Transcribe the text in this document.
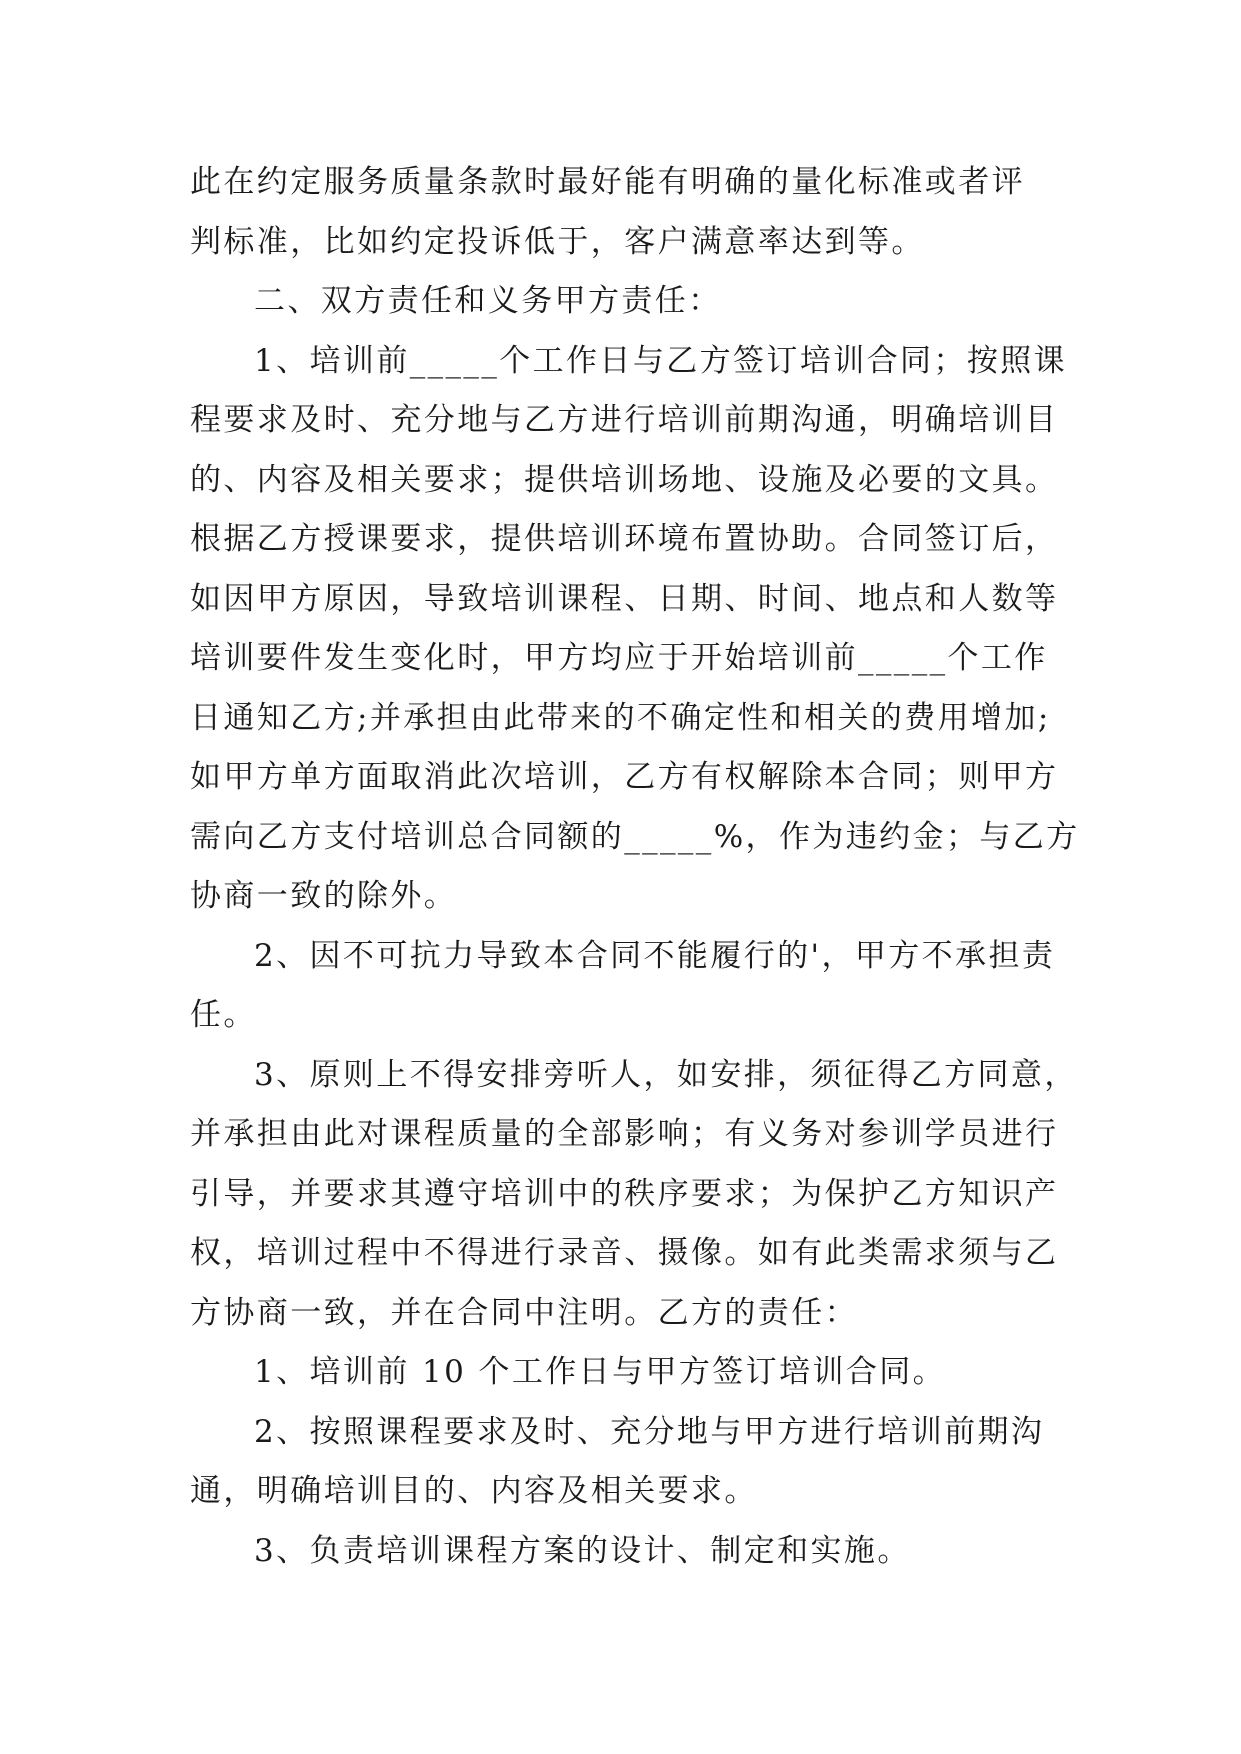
此在约定服务质量条款时最好能有明确的量化标准或者评
判标准，比如约定投诉低于，客户满意率达到等。
二、双方责任和义务甲方责任：
1、培训前_____个工作日与乙方签订培训合同；按照课
程要求及时、充分地与乙方进行培训前期沟通，明确培训目
的、内容及相关要求；提供培训场地、设施及必要的文具。
根据乙方授课要求，提供培训环境布置协助。合同签订后，
如因甲方原因，导致培训课程、日期、时间、地点和人数等
培训要件发生变化时，甲方均应于开始培训前_____个工作
日通知乙方;并承担由此带来的不确定性和相关的费用增加;
如甲方单方面取消此次培训，乙方有权解除本合同；则甲方
需向乙方支付培训总合同额的_____%，作为违约金；与乙方
协商一致的除外。
2、因不可抗力导致本合同不能履行的'，甲方不承担责
任。
3、原则上不得安排旁听人，如安排，须征得乙方同意，
并承担由此对课程质量的全部影响；有义务对参训学员进行
引导，并要求其遵守培训中的秩序要求；为保护乙方知识产
权，培训过程中不得进行录音、摄像。如有此类需求须与乙
方协商一致，并在合同中注明。乙方的责任：
1、培训前 10 个工作日与甲方签订培训合同。
2、按照课程要求及时、充分地与甲方进行培训前期沟
通，明确培训目的、内容及相关要求。
3、负责培训课程方案的设计、制定和实施。
